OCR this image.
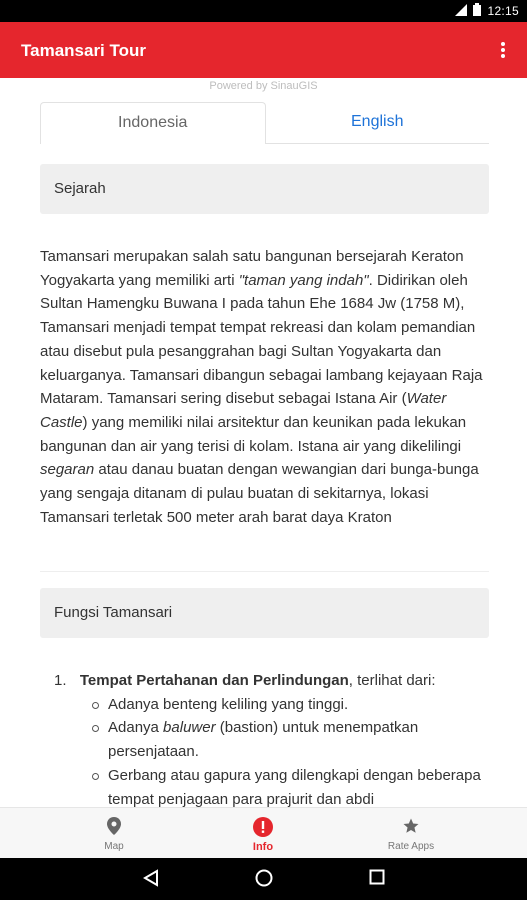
12:15
Tamansari Tour
Powered by SinauGIS
Indonesia	English
Sejarah
Tamansari merupakan salah satu bangunan bersejarah Keraton Yogyakarta yang memiliki arti "taman yang indah". Didirikan oleh Sultan Hamengku Buwana I pada tahun Ehe 1684 Jw (1758 M), Tamansari menjadi tempat tempat rekreasi dan kolam pemandian atau disebut pula pesanggrahan bagi Sultan Yogyakarta dan keluarganya. Tamansari dibangun sebagai lambang kejayaan Raja Mataram. Tamansari sering disebut sebagai Istana Air (Water Castle) yang memiliki nilai arsitektur dan keunikan pada lekukan bangunan dan air yang terisi di kolam. Istana air yang dikelilingi segaran atau danau buatan dengan wewangian dari bunga-bunga yang sengaja ditanam di pulau buatan di sekitarnya, lokasi Tamansari terletak 500 meter arah barat daya Kraton
Fungsi Tamansari
1. Tempat Pertahanan dan Perlindungan, terlihat dari:
Adanya benteng keliling yang tinggi.
Adanya baluwer (bastion) untuk menempatkan persenjataan.
Gerbang atau gapura yang dilengkapi dengan beberapa tempat penjagaan para prajurit dan abdi
Map	Info	Rate Apps
